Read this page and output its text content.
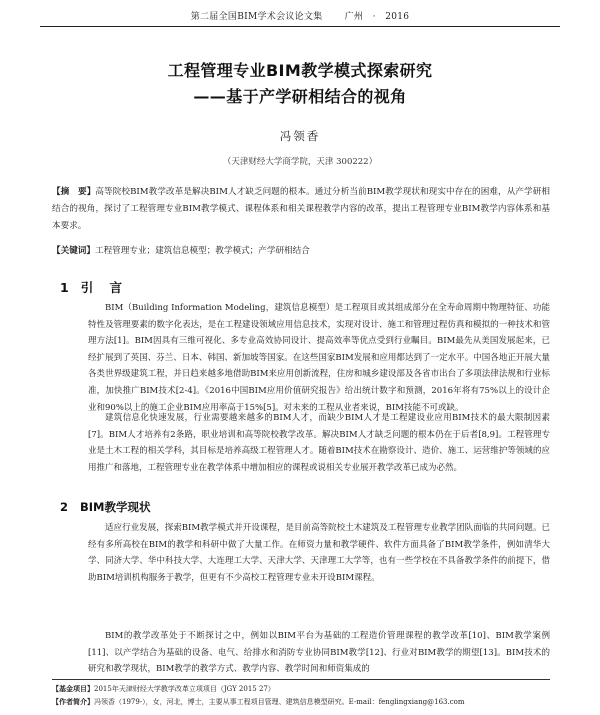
第二届全国BIM学术会议论文集 广州 · 2016
工程管理专业BIM教学模式探索研究
——基于产学研相结合的视角
冯领香
（天津财经大学商学院，天津 300222）
【摘　要】高等院校BIM教学改革是解决BIM人才缺乏问题的根本。通过分析当前BIM教学现状和现实中存在的困难，从产学研相结合的视角，探讨了工程管理专业BIM教学模式、课程体系和相关课程教学内容的改革，提出工程管理专业BIM教学内容体系和基本要求。
【关键词】工程管理专业；建筑信息模型；教学模式；产学研相结合
1 引 言
BIM（Building Information Modeling，建筑信息模型）是工程项目或其组成部分在全寿命周期中物理特征、功能特性及管理要素的数字化表达，是在工程建设领域应用信息技术，实现对设计、施工和管理过程仿真和模拟的一种技术和管理方法[1]。BIM因具有三维可视化、多专业高效协同设计、提高效率等优点受到行业瞩目。BIM最先从美国发展起来，已经扩展到了英国、芬兰、日本、韩国、新加坡等国家。在这些国家BIM发展和应用都达到了一定水平。中国各地正开展大量各类世界级建筑工程，并日趋来越多地借助BIM来应用创新流程，住房和城乡建设部及各省市出台了多项法律法规和行业标准，加快推广BIM技术[2-4]。《2016中国BIM应用价值研究报告》给出统计数字和预测，2016年将有75%以上的设计企业和90%以上的施工企业BIM应用率高于15%[5]。对未来的工程从业者来说，BIM技能不可或缺。
建筑信息化快速发展，行业需要越来越多的BIM人才，而缺少BIM人才是工程建设业应用BIM技术的最大限制因素[7]。BIM人才培养有2条路，职业培训和高等院校教学改革。解决BIM人才缺乏问题的根本仍在于后者[8,9]。工程管理专业是土木工程的相关学科，其目标是培养高级工程管理人才。随着BIM技术在勘察设计、造价、施工、运营维护等领域的应用推广和落地，工程管理专业在教学体系中增加相应的课程或说相关专业展开教学改革已成为必然。
2 BIM教学现状
适应行业发展，探索BIM教学模式并开设课程，是目前高等院校土木建筑及工程管理专业教学团队面临的共同问题。已经有多所高校在BIM的教学和科研中做了大量工作。在师资力量和教学硬件、软件方面具备了BIM教学条件，例如清华大学、同济大学、华中科技大学、大连理工大学、天津大学、天津理工大学等，也有一些学校在不具备教学条件的前提下，借助BIM培训机构服务于教学，但更有不少高校工程管理专业未开设BIM课程。
BIM的教学改革处于不断探讨之中，例如以BIM平台为基础的工程造价管理课程的教学改革[10]、BIM教学案例[11]、以产学结合为基础的设备、电气、给排水和消防专业协同BIM教学[12]、行业对BIM教学的期望[13]。BIM技术的研究和教学现状，BIM教学的教学方式、教学内容、教学时间和师资集成的
【基金项目】2015年天津财经大学教学改革立项项目（JGY 2015 27）
【作者简介】冯领香（1979-），女，河北，博士，主要从事工程项目管理、建筑信息模型研究。E-mail：fenglingxiang@163.com
